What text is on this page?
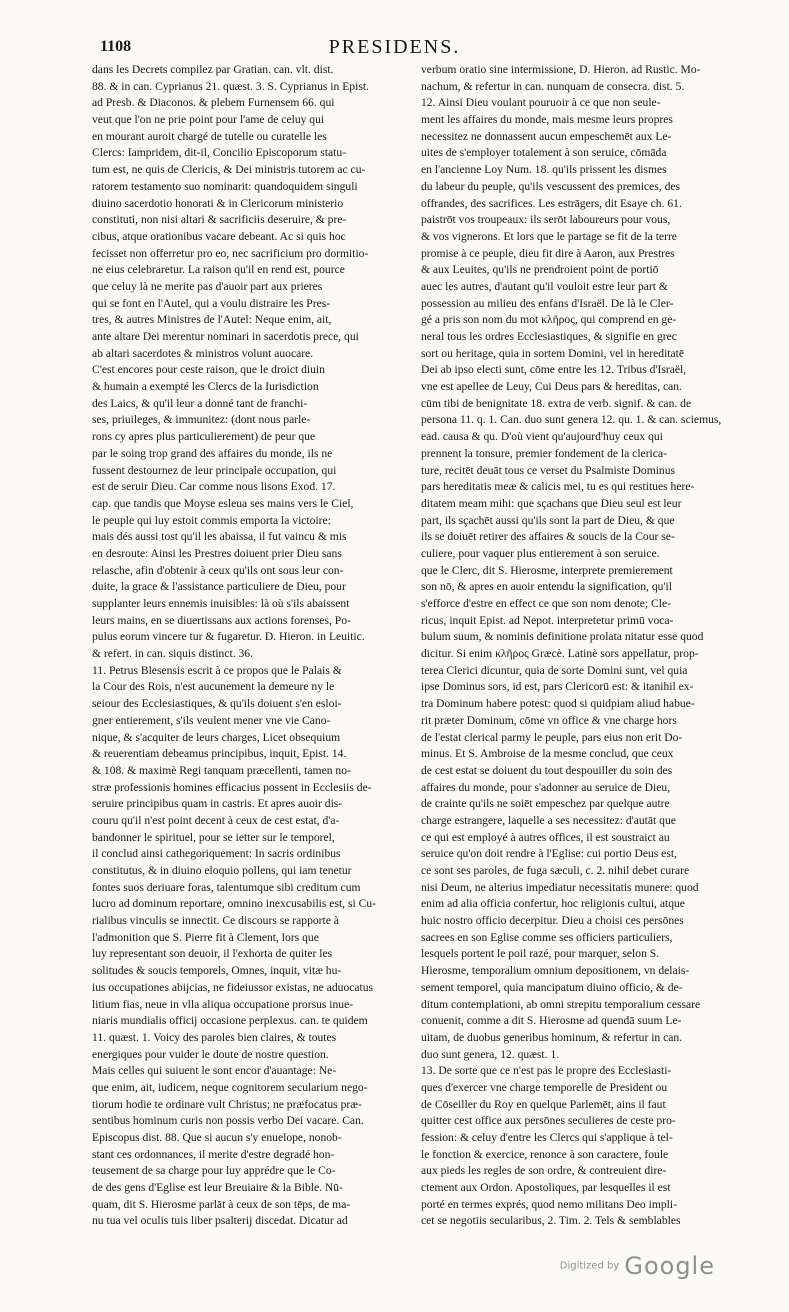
1108	PRESIDENS.
dans les Decrets compilez par Gratian. can. vlt. dist.
88. & in can. Cyprianus 21. quæst. 3. S. Cyprianus in Epist.
ad Presb. & Diaconos. & plebem Furnensem 66. qui
veut que l'on ne prie point pour l'ame de celuy qui
en mourant auroit chargé de tutelle ou curatelle les
Clercs: Iampridem, dit-il, Concilio Episcoporum statu-
tum est, ne quis de Clericis, & Dei ministris tutorem ac cu-
ratorem testamento suo nominarit: quandoquidem singuli
diuino sacerdotio honorati & in Clericorum ministerio
constituti, non nisi altari & sacrificiis deseruire, & pre-
cibus, atque orationibus vacare debeant. Ac si quis hoc
fecisset non offerretur pro eo, nec sacrificium pro dormitio-
ne eius celebraretur. La raison qu'il en rend est, pource
que celuy là ne merite pas d'auoir part aux prieres
qui se font en l'Autel, qui a voulu distraire les Pres-
tres, & autres Ministres de l'Autel: Neque enim, ait,
ante altare Dei merentur nominari in sacerdotis prece, qui
ab altari sacerdotes & ministros volunt auocare.
C'est encores pour ceste raison, que le droict diuin
& humain a exempté les Clercs de la Iurisdiction
des Laics, & qu'il leur a donné tant de franchi-
ses, priuileges, & immunitez: (dont nous parle-
rons cy apres plus particulierement) de peur que
par le soing trop grand des affaires du monde, ils ne
fussent destournez de leur principale occupation, qui
est de seruir Dieu. Car comme nous lisons Exod. 17.
cap. que tandis que Moyse esleua ses mains vers le Ciel,
le peuple qui luy estoit commis emporta la victoire:
mais dés aussi tost qu'il les abaissa, il fut vaincu & mis
en desroute: Ainsi les Prestres doiuent prier Dieu sans
relasche, afin d'obtenir à ceux qu'ils ont sous leur con-
duite, la grace & l'assistance particuliere de Dieu, pour
supplanter leurs ennemis inuisibles: là où s'ils abaissent
leurs mains, en se diuertissans aux actions forenses, Po-
pulus eorum vincere tur & fugaretur. D. Hieron. in Leuitic.
& refert. in can. siquis distinct. 36.
11. Petrus Blesensis escrit à ce propos que le Palais &
la Cour des Rois, n'est aucunement la demeure ny le
seiour des Ecclesiastiques, & qu'ils doiuent s'en esloi-
gner entierement, s'ils veulent mener vne vie Cano-
nique, & s'acquiter de leurs charges, Licet obsequium
& reuerentiam debeamus principibus, inquit, Epist. 14.
& 108. & maximè Regi tanquam præcellenti, tamen no-
stræ professionis homines efficacius possent in Ecclesiis de-
seruire principibus quam in castris. Et apres auoir dis-
couru qu'il n'est point decent à ceux de cest estat, d'a-
bandonner le spirituel, pour se ietter sur le temporel,
il conclud ainsi cathegoriquement: In sacris ordinibus
constitutus, & in diuino eloquio pollens, qui iam tenetur
fontes suos deriuare foras, talentumque sibi creditum cum
lucro ad dominum reportare, omnino inexcusabilis est, si Cu-
rialibus vinculis se innectit. Ce discours se rapporte à
l'admonition que S. Pierre fit à Clement, lors que
luy representant son deuoir, il l'exhorta de quiter les
solitudes & soucis temporels, Omnes, inquit, vitæ hu-
ius occupationes abijcias, ne fideiussor existas, ne aduocatus
litium fias, neue in vlla aliqua occupatione prorsus inue-
niaris mundialis officij occasione perplexus. can. te quidem
11. quæst. 1. Voicy des paroles bien claires, & toutes
energiques pour vuider le doute de nostre question.
Mais celles qui suiuent le sont encor d'auantage: Ne-
que enim, ait, iudicem, neque cognitorem secularium nego-
tiorum hodie te ordinare vult Christus; ne præfocatus præ-
sentibus hominum curis non possis verbo Dei vacare. Can.
Episcopus dist. 88. Que si aucun s'y enuelope, nonob-
stant ces ordonnances, il merite d'estre degradé hon-
teusement de sa charge pour luy apprédre que le Co-
de des gens d'Eglise est leur Breuiaire & la Bible. Nū-
quam, dit S. Hierosme parlāt à ceux de son tēps, de ma-
nu tua vel oculis tuis liber psalterij discedat. Dicatur ad
verbum oratio sine intermissione, D. Hieron. ad Rustic. Mo-
nachum, & refertur in can. nunquam de consecra. dist. 5.
12. Ainsi Dieu voulant pouruoir à ce que non seule-
ment les affaires du monde, mais mesme leurs propres
necessitez ne donnassent aucun empeschemēt aux Le-
uites de s'employer totalement à son seruice, cōmāda
en l'ancienne Loy Num. 18. qu'ils prissent les dismes
du labeur du peuple, qu'ils vescussent des premices, des
offrandes, des sacrifices. Les estrāgers, dit Esaye ch. 61.
paistrōt vos troupeaux: ils serōt laboureurs pour vous,
& vos vignerons. Et lors que le partage se fit de la terre
promise à ce peuple, dieu fit dire à Aaron, aux Prestres
& aux Leuites, qu'ils ne prendroient point de portiō
auec les autres, d'autant qu'il vouloit estre leur part &
possession au milieu des enfans d'Israël. De là le Cler-
gé a pris son nom du mot κλῆρος, qui comprend en ge-
neral tous les ordres Ecclesiastiques, & signifie en grec
sort ou heritage, quia in sortem Domini, vel in hereditatē
Dei ab ipso electi sunt, cōme entre les 12. Tribus d'Israël,
vne est apellee de Leuy, Cui Deus pars & hereditas, can.
cūm tibi de benignitate 18. extra de verb. signif. & can. de
persona 11. q. 1. Can. duo sunt genera 12. qu. 1. & can. sciemus,
ead. causa & qu. D'où vient qu'aujourd'huy ceux qui
prennent la tonsure, premier fondement de la clerica-
ture, recitēt deuāt tous ce verset du Psalmiste Dominus
pars hereditatis meæ & calicis mei, tu es qui restitues here-
ditatem meam mihi: que sçachans que Dieu seul est leur
part, ils sçachēt aussi qu'ils sont la part de Dieu, & que
ils se doiuēt retirer des affaires & soucis de la Cour se-
culiere, pour vaquer plus entierement à son seruice.
que le Clerc, dit S. Hierosme, interprete premierement
son nō, & apres en auoir entendu la signification, qu'il
s'efforce d'estre en effect ce que son nom denote; Cle-
ricus, inquit Epist. ad Nepot. interpretetur primū voca-
bulum suum, & nominis definitione prolata nitatur esse quod
dicitur. Si enim κλῆρος Græcè. Latinè sors appellatur, prop-
terea Clerici dicuntur, quia de sorte Domini sunt, vel quia
ipse Dominus sors, id est, pars Clericorū est: & itanihil ex-
tra Dominum habere potest: quod si quidpiam aliud habue-
rit præter Dominum, cōme vn office & vne charge hors
de l'estat clerical parmy le peuple, pars eius non erit Do-
minus. Et S. Ambroise de la mesme conclud, que ceux
de cest estat se doiuent du tout despouiller du soin des
affaires du monde, pour s'adonner au seruice de Dieu,
de crainte qu'ils ne soiēt empeschez par quelque autre
charge estrangere, laquelle a ses necessitez: d'autāt que
ce qui est employé à autres offices, il est soustraict au
seruice qu'on doit rendre à l'Eglise: cui portio Deus est,
ce sont ses paroles, de fuga sæculi, c. 2. nihil debet curare
nisi Deum, ne alterius impediatur necessitatis munere: quod
enim ad alia officia confertur, hoc religionis cultui, atque
huic nostro officio decerpitur. Dieu a choisi ces persōnes
sacrees en son Eglise comme ses officiers particuliers,
lesquels portent le poil razé, pour marquer, selon S.
Hierosme, temporalium omnium depositionem, vn delais-
sement temporel, quia mancipatum diuino officio, & de-
ditum contemplationi, ab omni strepitu temporalium cessare
conuenit, comme a dit S. Hierosme ad quendā suum Le-
uitam, de duobus generibus hominum, & refertur in can.
duo sunt genera, 12. quæst. 1.
13. De sorte que ce n'est pas le propre des Ecclesiasti-
ques d'exercer vne charge temporelle de President ou
de Cōseiller du Roy en quelque Parlemēt, ains il faut
quitter cest office aux persōnes seculieres de ceste pro-
fession: & celuy d'entre les Clercs qui s'applique à tel-
le fonction & exercice, renonce à son caractere, foule
aux pieds les regles de son ordre, & contreuient dire-
ctement aux Ordon. Apostoliques, par lesquelles il est
porté en termes exprés, quod nemo militans Deo impli-
cet se negotiis secularibus, 2. Tim. 2. Tels & semblables
Digitized by Google
